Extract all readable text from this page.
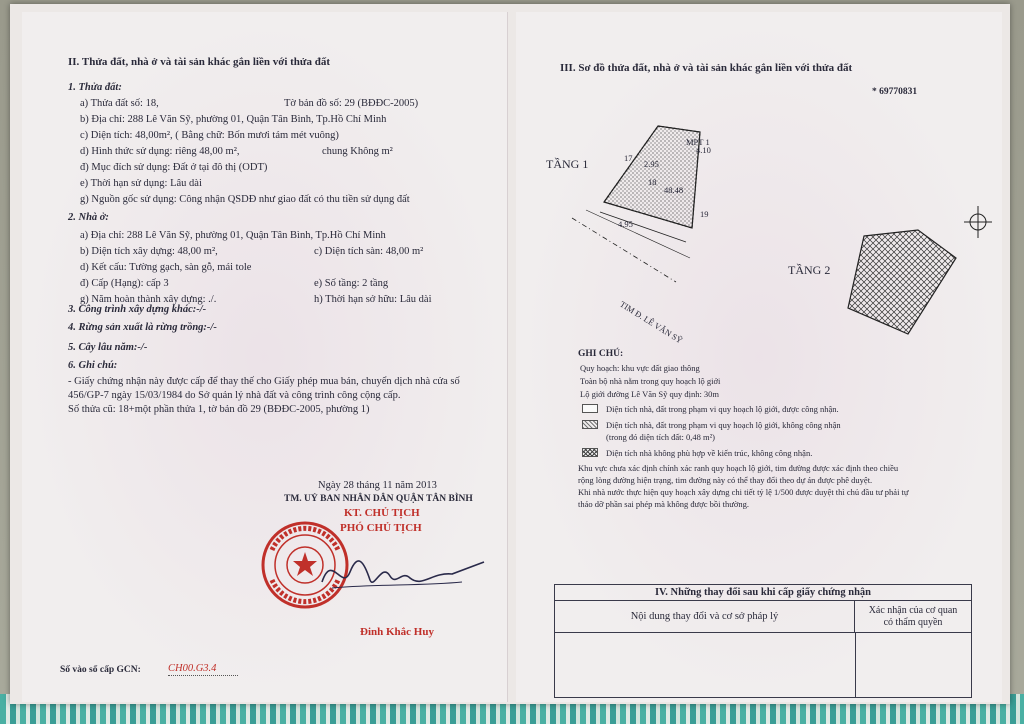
II. Thửa đất, nhà ở và tài sản khác gắn liền với thửa đất
1. Thửa đất:
a) Thửa đất số: 18,	Tờ bản đồ số: 29 (BĐĐC-2005)
b) Địa chỉ: 288 Lê Văn Sỹ, phường 01, Quận Tân Bình, Tp.Hồ Chí Minh
c) Diện tích: 48,00m², ( Bằng chữ: Bốn mươi tám mét vuông)
d) Hình thức sử dụng: riêng 48,00 m²,	chung Không m²
đ) Mục đích sử dụng: Đất ở tại đô thị (ODT)
e) Thời hạn sử dụng: Lâu dài
g) Nguồn gốc sử dụng: Công nhận QSDĐ như giao đất có thu tiền sử dụng đất
2. Nhà ở:
a) Địa chỉ: 288 Lê Văn Sỹ, phường 01, Quận Tân Bình, Tp.Hồ Chí Minh
b) Diện tích xây dựng: 48,00 m²,	c) Diện tích sàn: 48,00 m²
d) Kết cấu: Tường gạch, sàn gỗ, mái tole
đ) Cấp (Hạng): cấp 3	e) Số tầng: 2 tầng
g) Năm hoàn thành xây dựng: ./.	h) Thời hạn sở hữu: Lâu dài
3. Công trình xây dựng khác:-/-
4. Rừng sản xuất là rừng trồng:-/-
5. Cây lâu năm:-/-
6. Ghi chú:
- Giấy chứng nhận này được cấp để thay thế cho Giấy phép mua bán, chuyển dịch nhà cửa số
456/GP-7 ngày 15/03/1984 do Sở quản lý nhà đất và công trình công cộng cấp.
Số thửa cũ: 18+một phần thửa 1, tờ bản đồ 29 (BĐĐC-2005, phường 1)
Ngày 28 tháng 11 năm 2013
TM. UỶ BAN NHÂN DÂN QUẬN TÂN BÌNH
KT. CHỦ TỊCH
PHÓ CHỦ TỊCH
Đinh Khắc Huy
Số vào sổ cấp GCN:	CH00.G3.4
III. Sơ đồ thửa đất, nhà ở và tài sản khác gắn liền với thửa đất
* 69770831
TẦNG 1
TẦNG 2
MPT 1
18
48.48
17
19
TIM Đ. LÊ VĂN SỸ
4.10
4.95
2.95
GHI CHÚ:
Quy hoạch: khu vực đất giao thông
Toàn bộ nhà nằm trong quy hoạch lộ giới
Lộ giới đường Lê Văn Sỹ quy định: 30m
Diện tích nhà, đất trong phạm vi quy hoạch lộ giới, được công nhận.
Diện tích nhà, đất trong phạm vi quy hoạch lộ giới, không công nhận
(trong đó diện tích đất: 0,48 m²)
Diện tích nhà không phù hợp về kiến trúc, không công nhận.
Khu vực chưa xác định chính xác ranh quy hoạch lộ giới, tim đường được xác định theo chiều
rộng lòng đường hiện trạng, tim đường này có thể thay đổi theo dự án được phê duyệt.
Khi nhà nước thực hiện quy hoạch xây dựng chi tiết tỷ lệ 1/500 được duyệt thì chủ đầu tư phải tự
tháo dỡ phần sai phép mà không được bồi thường.
IV. Những thay đổi sau khi cấp giấy chứng nhận
Nội dung thay đổi và cơ sở pháp lý
Xác nhận của cơ quan
có thẩm quyền
